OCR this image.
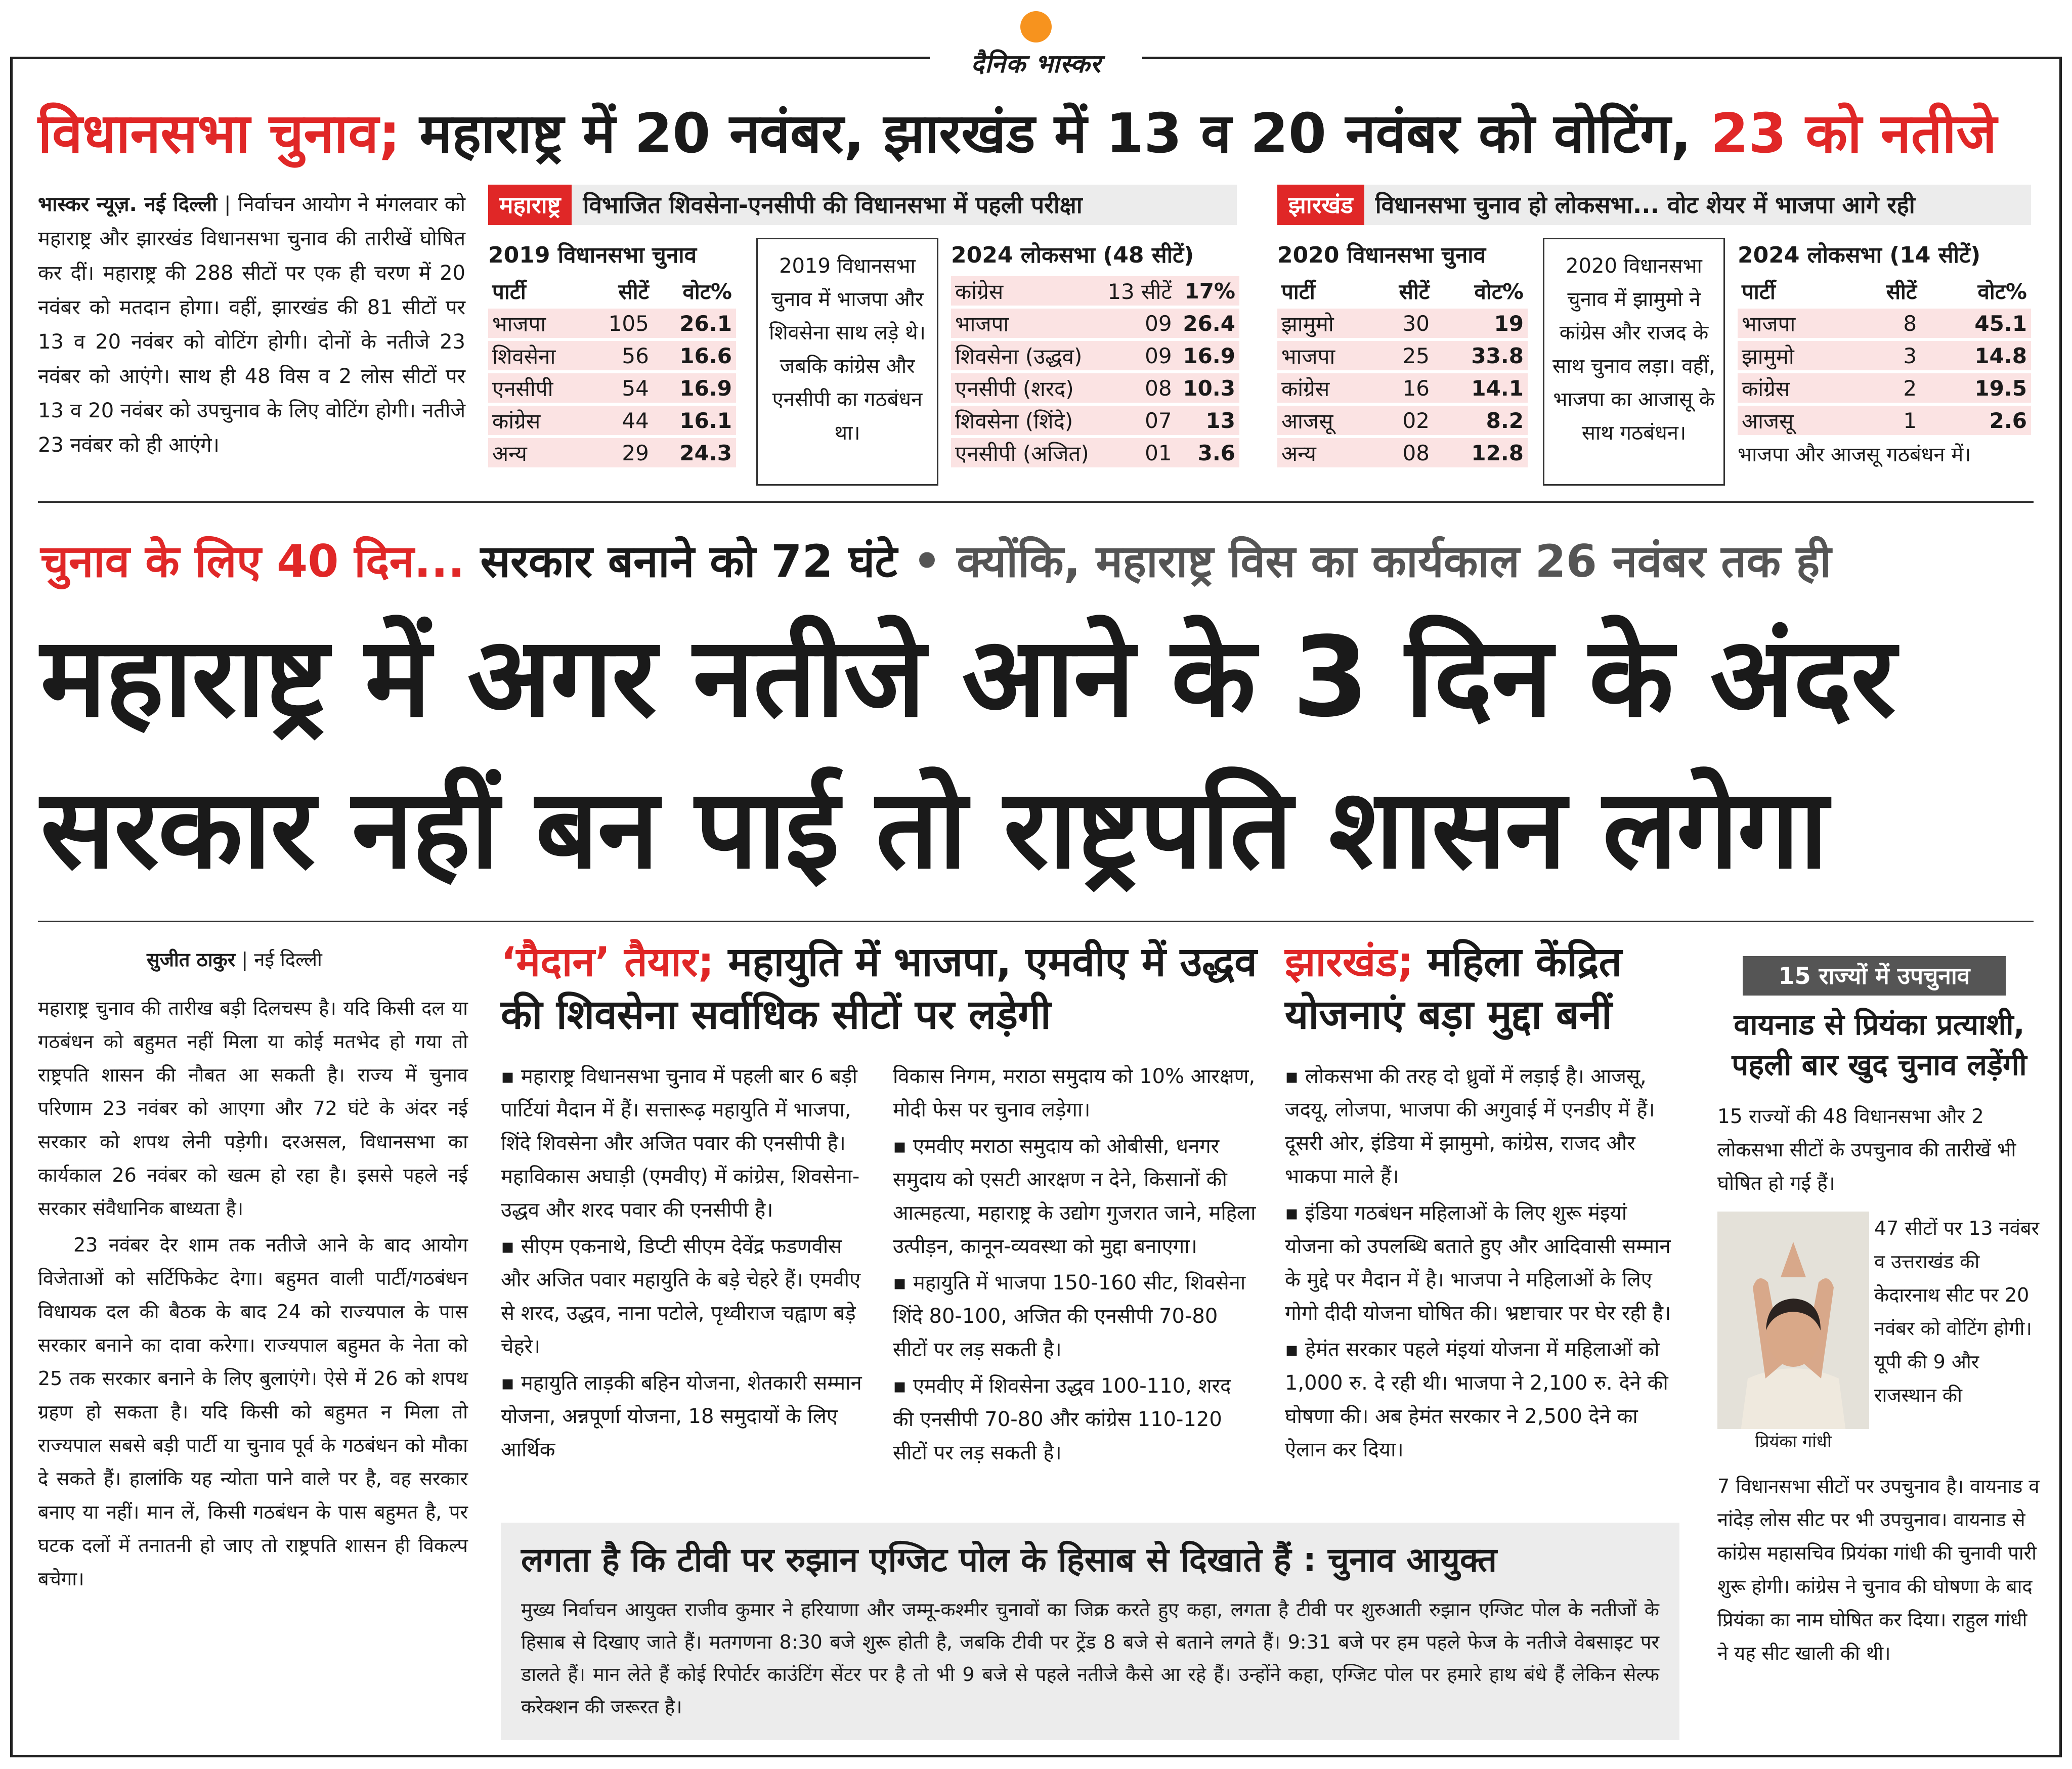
दैनिक भास्कर
विधानसभा चुनाव; महाराष्ट्र में 20 नवंबर, झारखंड में 13 व 20 नवंबर को वोटिंग, 23 को नतीजे
भास्कर न्यूज़. नई दिल्ली | निर्वाचन आयोग ने मंगलवार को महाराष्ट्र और झारखंड विधानसभा चुनाव की तारीखें घोषित कर दीं। महाराष्ट्र की 288 सीटों पर एक ही चरण में 20 नवंबर को मतदान होगा। वहीं, झारखंड की 81 सीटों पर 13 व 20 नवंबर को वोटिंग होगी। दोनों के नतीजे 23 नवंबर को आएंगे। साथ ही 48 विस व 2 लोस सीटों पर 13 व 20 नवंबर को उपचुनाव के लिए वोटिंग होगी। नतीजे 23 नवंबर को ही आएंगे।
महाराष्ट्र विभाजित शिवसेना-एनसीपी की विधानसभा में पहली परीक्षा
2019 विधानसभा चुनाव
पार्टी	सीटें	वोट%
भाजपा	105	26.1
शिवसेना	56	16.6
एनसीपी	54	16.9
कांग्रेस	44	16.1
अन्य	29	24.3
2019 विधानसभा चुनाव में भाजपा और शिवसेना साथ लड़े थे। जबकि कांग्रेस और एनसीपी का गठबंधन था।
2024 लोकसभा (48 सीटें)
कांग्रेस	13 सीटें	17%
भाजपा	09	26.4
शिवसेना (उद्धव)	09	16.9
एनसीपी (शरद)	08	10.3
शिवसेना (शिंदे)	07	13
एनसीपी (अजित)	01	3.6
झारखंड विधानसभा चुनाव हो लोकसभा... वोट शेयर में भाजपा आगे रही
2020 विधानसभा चुनाव
पार्टी	सीटें	वोट%
झामुमो	30	19
भाजपा	25	33.8
कांग्रेस	16	14.1
आजसू	02	8.2
अन्य	08	12.8
2020 विधानसभा चुनाव में झामुमो ने कांग्रेस और राजद के साथ चुनाव लड़ा। वहीं, भाजपा का आजासू के साथ गठबंधन।
2024 लोकसभा (14 सीटें)
पार्टी	सीटें	वोट%
भाजपा	8	45.1
झामुमो	3	14.8
कांग्रेस	2	19.5
आजसू	1	2.6
भाजपा और आजसू गठबंधन में।
चुनाव के लिए 40 दिन... सरकार बनाने को 72 घंटे • क्योंकि, महाराष्ट्र विस का कार्यकाल 26 नवंबर तक ही
महाराष्ट्र में अगर नतीजे आने के 3 दिन के अंदर
सरकार नहीं बन पाई तो राष्ट्रपति शासन लगेगा
सुजीत ठाकुर | नई दिल्ली
महाराष्ट्र चुनाव की तारीख बड़ी दिलचस्प है। यदि किसी दल या गठबंधन को बहुमत नहीं मिला या कोई मतभेद हो गया तो राष्ट्रपति शासन की नौबत आ सकती है। राज्य में चुनाव परिणाम 23 नवंबर को आएगा और 72 घंटे के अंदर नई सरकार को शपथ लेनी पड़ेगी। दरअसल, विधानसभा का कार्यकाल 26 नवंबर को खत्म हो रहा है। इससे पहले नई सरकार संवैधानिक बाध्यता है।
23 नवंबर देर शाम तक नतीजे आने के बाद आयोग विजेताओं को सर्टिफिकेट देगा। बहुमत वाली पार्टी/गठबंधन विधायक दल की बैठक के बाद 24 को राज्यपाल के पास सरकार बनाने का दावा करेगा। राज्यपाल बहुमत के नेता को 25 तक सरकार बनाने के लिए बुलाएंगे। ऐसे में 26 को शपथ ग्रहण हो सकता है। यदि किसी को बहुमत न मिला तो राज्यपाल सबसे बड़ी पार्टी या चुनाव पूर्व के गठबंधन को मौका दे सकते हैं। हालांकि यह न्योता पाने वाले पर है, वह सरकार बनाए या नहीं। मान लें, किसी गठबंधन के पास बहुमत है, पर घटक दलों में तनातनी हो जाए तो राष्ट्रपति शासन ही विकल्प बचेगा।
‘मैदान’ तैयार; महायुति में भाजपा, एमवीए में उद्धव की शिवसेना सर्वाधिक सीटों पर लड़ेगी

▪ महाराष्ट्र विधानसभा चुनाव में पहली बार 6 बड़ी पार्टियां मैदान में हैं। सत्तारूढ़ महायुति में भाजपा, शिंदे शिवसेना और अजित पवार की एनसीपी है। महाविकास अघाड़ी (एमवीए) में कांग्रेस, शिवसेना-उद्धव और शरद पवार की एनसीपी है।

▪ सीएम एकनाथे, डिप्टी सीएम देवेंद्र फडणवीस और अजित पवार महायुति के बड़े चेहरे हैं। एमवीए से शरद, उद्धव, नाना पटोले, पृथ्वीराज चह्वाण बड़े चेहरे।

▪ महायुति लाड़की बहिन योजना, शेतकारी सम्मान योजना, अन्नपूर्णा योजना, 18 समुदायों के लिए आर्थिक

विकास निगम, मराठा समुदाय को 10% आरक्षण, मोदी फेस पर चुनाव लड़ेगा।

▪ एमवीए मराठा समुदाय को ओबीसी, धनगर समुदाय को एसटी आरक्षण न देने, किसानों की आत्महत्या, महाराष्ट्र के उद्योग गुजरात जाने, महिला उत्पीड़न, कानून-व्यवस्था को मुद्दा बनाएगा।

▪ महायुति में भाजपा 150-160 सीट, शिवसेना शिंदे 80-100, अजित की एनसीपी 70-80 सीटों पर लड़ सकती है।

▪ एमवीए में शिवसेना उद्धव 100-110, शरद की एनसीपी 70-80 और कांग्रेस 110-120 सीटों पर लड़ सकती है।

झारखंड; महिला केंद्रित योजनाएं बड़ा मुद्दा बनीं

▪ लोकसभा की तरह दो ध्रुवों में लड़ाई है। आजसू, जदयू, लोजपा, भाजपा की अगुवाई में एनडीए में हैं। दूसरी ओर, इंडिया में झामुमो, कांग्रेस, राजद और भाकपा माले हैं।

▪ इंडिया गठबंधन महिलाओं के लिए शुरू मंइयां योजना को उपलब्धि बताते हुए और आदिवासी सम्मान के मुद्दे पर मैदान में है। भाजपा ने महिलाओं के लिए गोगो दीदी योजना घोषित की। भ्रष्टाचार पर घेर रही है।

▪ हेमंत सरकार पहले मंइयां योजना में महिलाओं को 1,000 रु. दे रही थी। भाजपा ने 2,100 रु. देने की घोषणा की। अब हेमंत सरकार ने 2,500 देने का ऐलान कर दिया।

15 राज्यों में उपचुनाव
वायनाड से प्रियंका प्रत्याशी, पहली बार खुद चुनाव लड़ेंगी
15 राज्यों की 48 विधानसभा और 2 लोकसभा सीटों के उपचुनाव की तारीखें भी घोषित हो गई हैं।
प्रियंका गांधी
47 सीटों पर 13 नवंबर व उत्तराखंड की केदारनाथ सीट पर 20 नवंबर को वोटिंग होगी। यूपी की 9 और राजस्थान की
7 विधानसभा सीटों पर उपचुनाव है। वायनाड व नांदेड़ लोस सीट पर भी उपचुनाव। वायनाड से कांग्रेस महासचिव प्रियंका गांधी की चुनावी पारी शुरू होगी। कांग्रेस ने चुनाव की घोषणा के बाद प्रियंका का नाम घोषित कर दिया। राहुल गांधी ने यह सीट खाली की थी।
लगता है कि टीवी पर रुझान एग्जिट पोल के हिसाब से दिखाते हैं : चुनाव आयुक्त
मुख्य निर्वाचन आयुक्त राजीव कुमार ने हरियाणा और जम्मू-कश्मीर चुनावों का जिक्र करते हुए कहा, लगता है टीवी पर शुरुआती रुझान एग्जिट पोल के नतीजों के हिसाब से दिखाए जाते हैं। मतगणना 8:30 बजे शुरू होती है, जबकि टीवी पर ट्रेंड 8 बजे से बताने लगते हैं। 9:31 बजे पर हम पहले फेज के नतीजे वेबसाइट पर डालते हैं। मान लेते हैं कोई रिपोर्टर काउंटिंग सेंटर पर है तो भी 9 बजे से पहले नतीजे कैसे आ रहे हैं। उन्होंने कहा, एग्जिट पोल पर हमारे हाथ बंधे हैं लेकिन सेल्फ करेक्शन की जरूरत है।
